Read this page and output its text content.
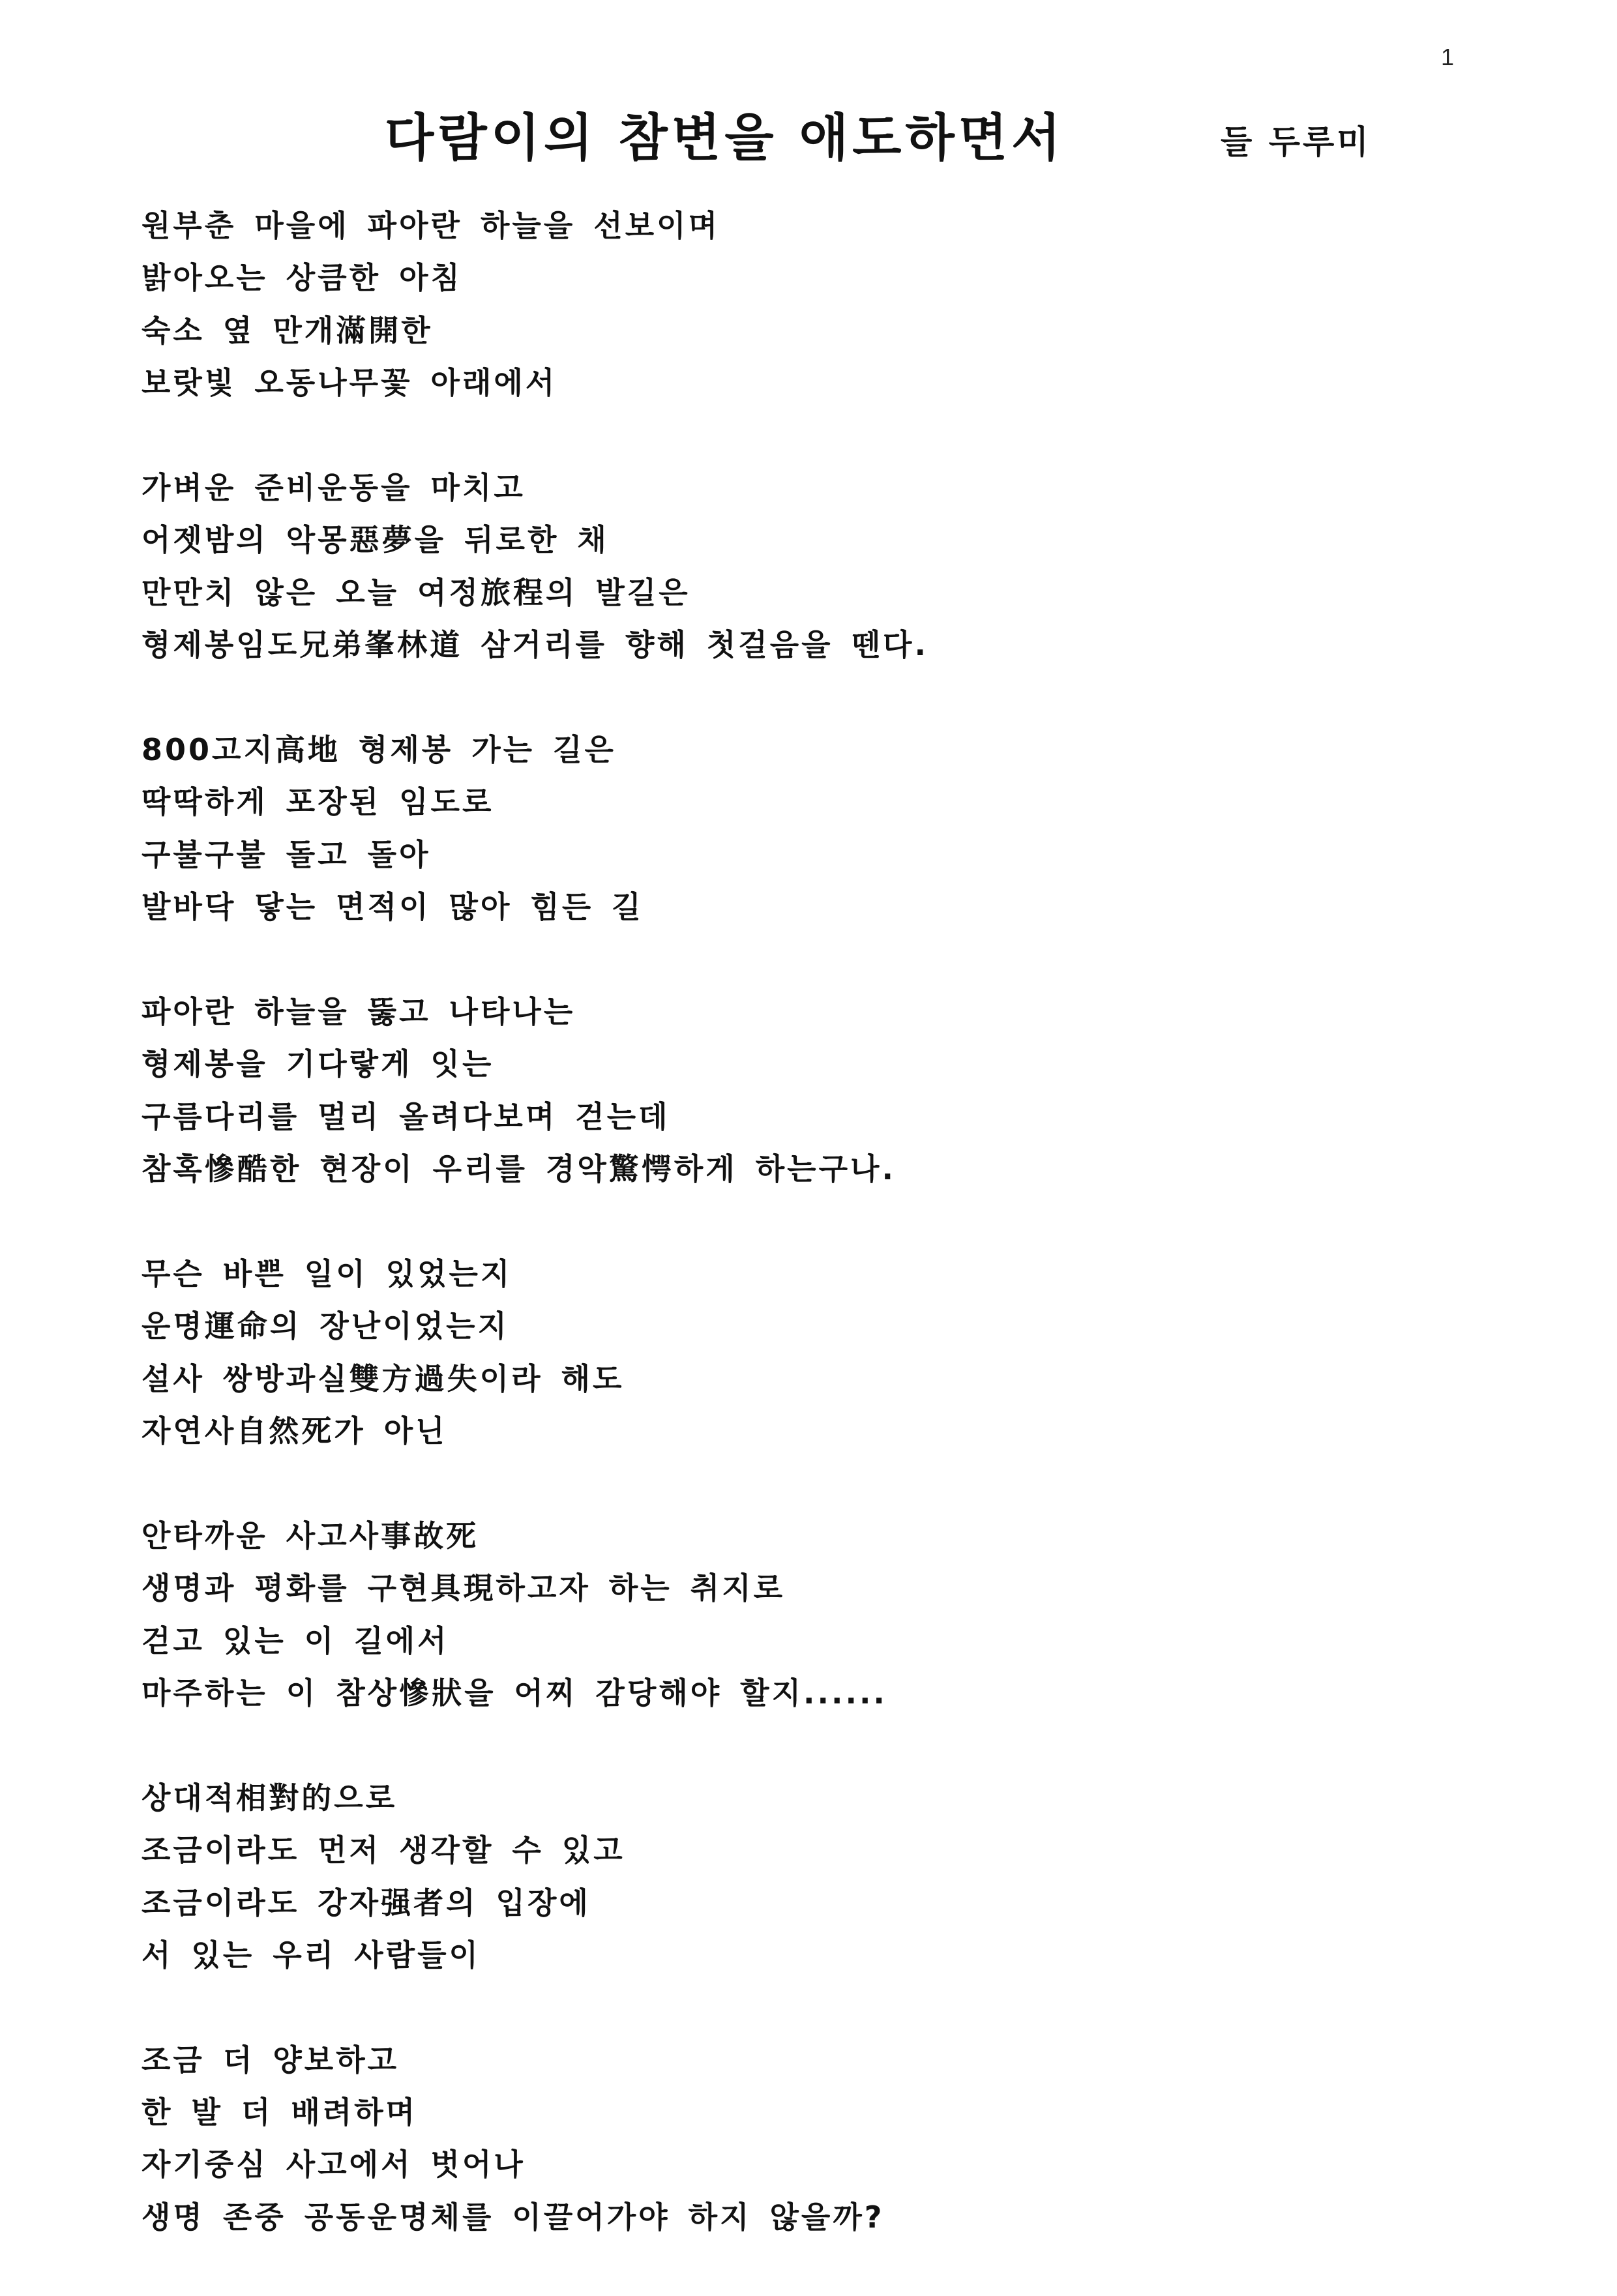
1
다람이의 참변을 애도하면서	들 두루미
원부춘 마을에 파아란 하늘을 선보이며
밝아오는 상큼한 아침
숙소 옆 만개滿開한
보랏빛 오동나무꽃 아래에서
가벼운 준비운동을 마치고
어젯밤의 악몽惡夢을 뒤로한 채
만만치 않은 오늘 여정旅程의 발길은
형제봉임도兄弟峯林道 삼거리를 향해 첫걸음을 뗀다.
800고지高地 형제봉 가는 길은
딱딱하게 포장된 임도로
구불구불 돌고 돌아
발바닥 닿는 면적이 많아 힘든 길
파아란 하늘을 뚫고 나타나는
형제봉을 기다랗게 잇는
구름다리를 멀리 올려다보며 걷는데
참혹慘酷한 현장이 우리를 경악驚愕하게 하는구나.
무슨 바쁜 일이 있었는지
운명運命의 장난이었는지
설사 쌍방과실雙方過失이라 해도
자연사自然死가 아닌
안타까운 사고사事故死
생명과 평화를 구현具現하고자 하는 취지로
걷고 있는 이 길에서
마주하는 이 참상慘狀을 어찌 감당해야 할지......
상대적相對的으로
조금이라도 먼저 생각할 수 있고
조금이라도 강자强者의 입장에
서 있는 우리 사람들이
조금 더 양보하고
한 발 더 배려하며
자기중심 사고에서 벗어나
생명 존중 공동운명체를 이끌어가야 하지 않을까?
